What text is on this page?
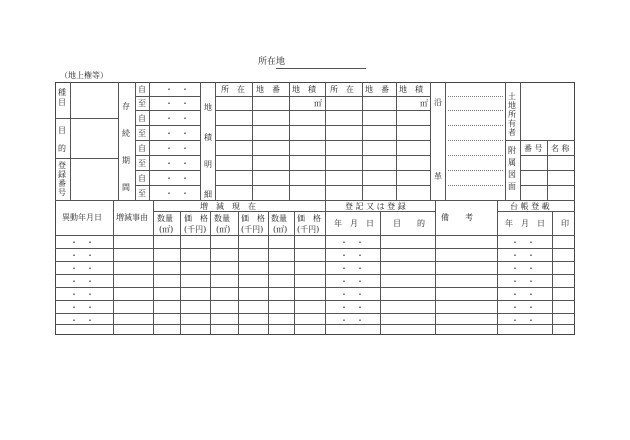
所在地
（地上権等）
種
目
目
的
登
録
番
号
存
続
期
間
自
至
自
至
自
至
自
至
・　・
・　・
・　・
・　・
・　・
・　・
・　・
・　・
地
積
明
細
所　在 地　番 地　積
㎡
所　在 地　番 地　積
㎡ 沿
革
土地所有者
附
属
図
面
番 号 名 称
異動年月日 増減事由
増　減　現　在
数量
(㎡)
価　格
(千円)
数量
(㎡)
価　格
(千円)
数量
(㎡)
価　格
(千円)
登 記 又 は 登 録
年　月　日 目　　的
備　　考
台 帳 登 載
年　月　日 印
・　・
・　・
・　・
・　・
・　・
・　・
・　・
・　・
・　・
・　・
・　・
・　・
・　・
・　・
・　・
・　・
・　・
・　・
・　・
・　・
・　・
